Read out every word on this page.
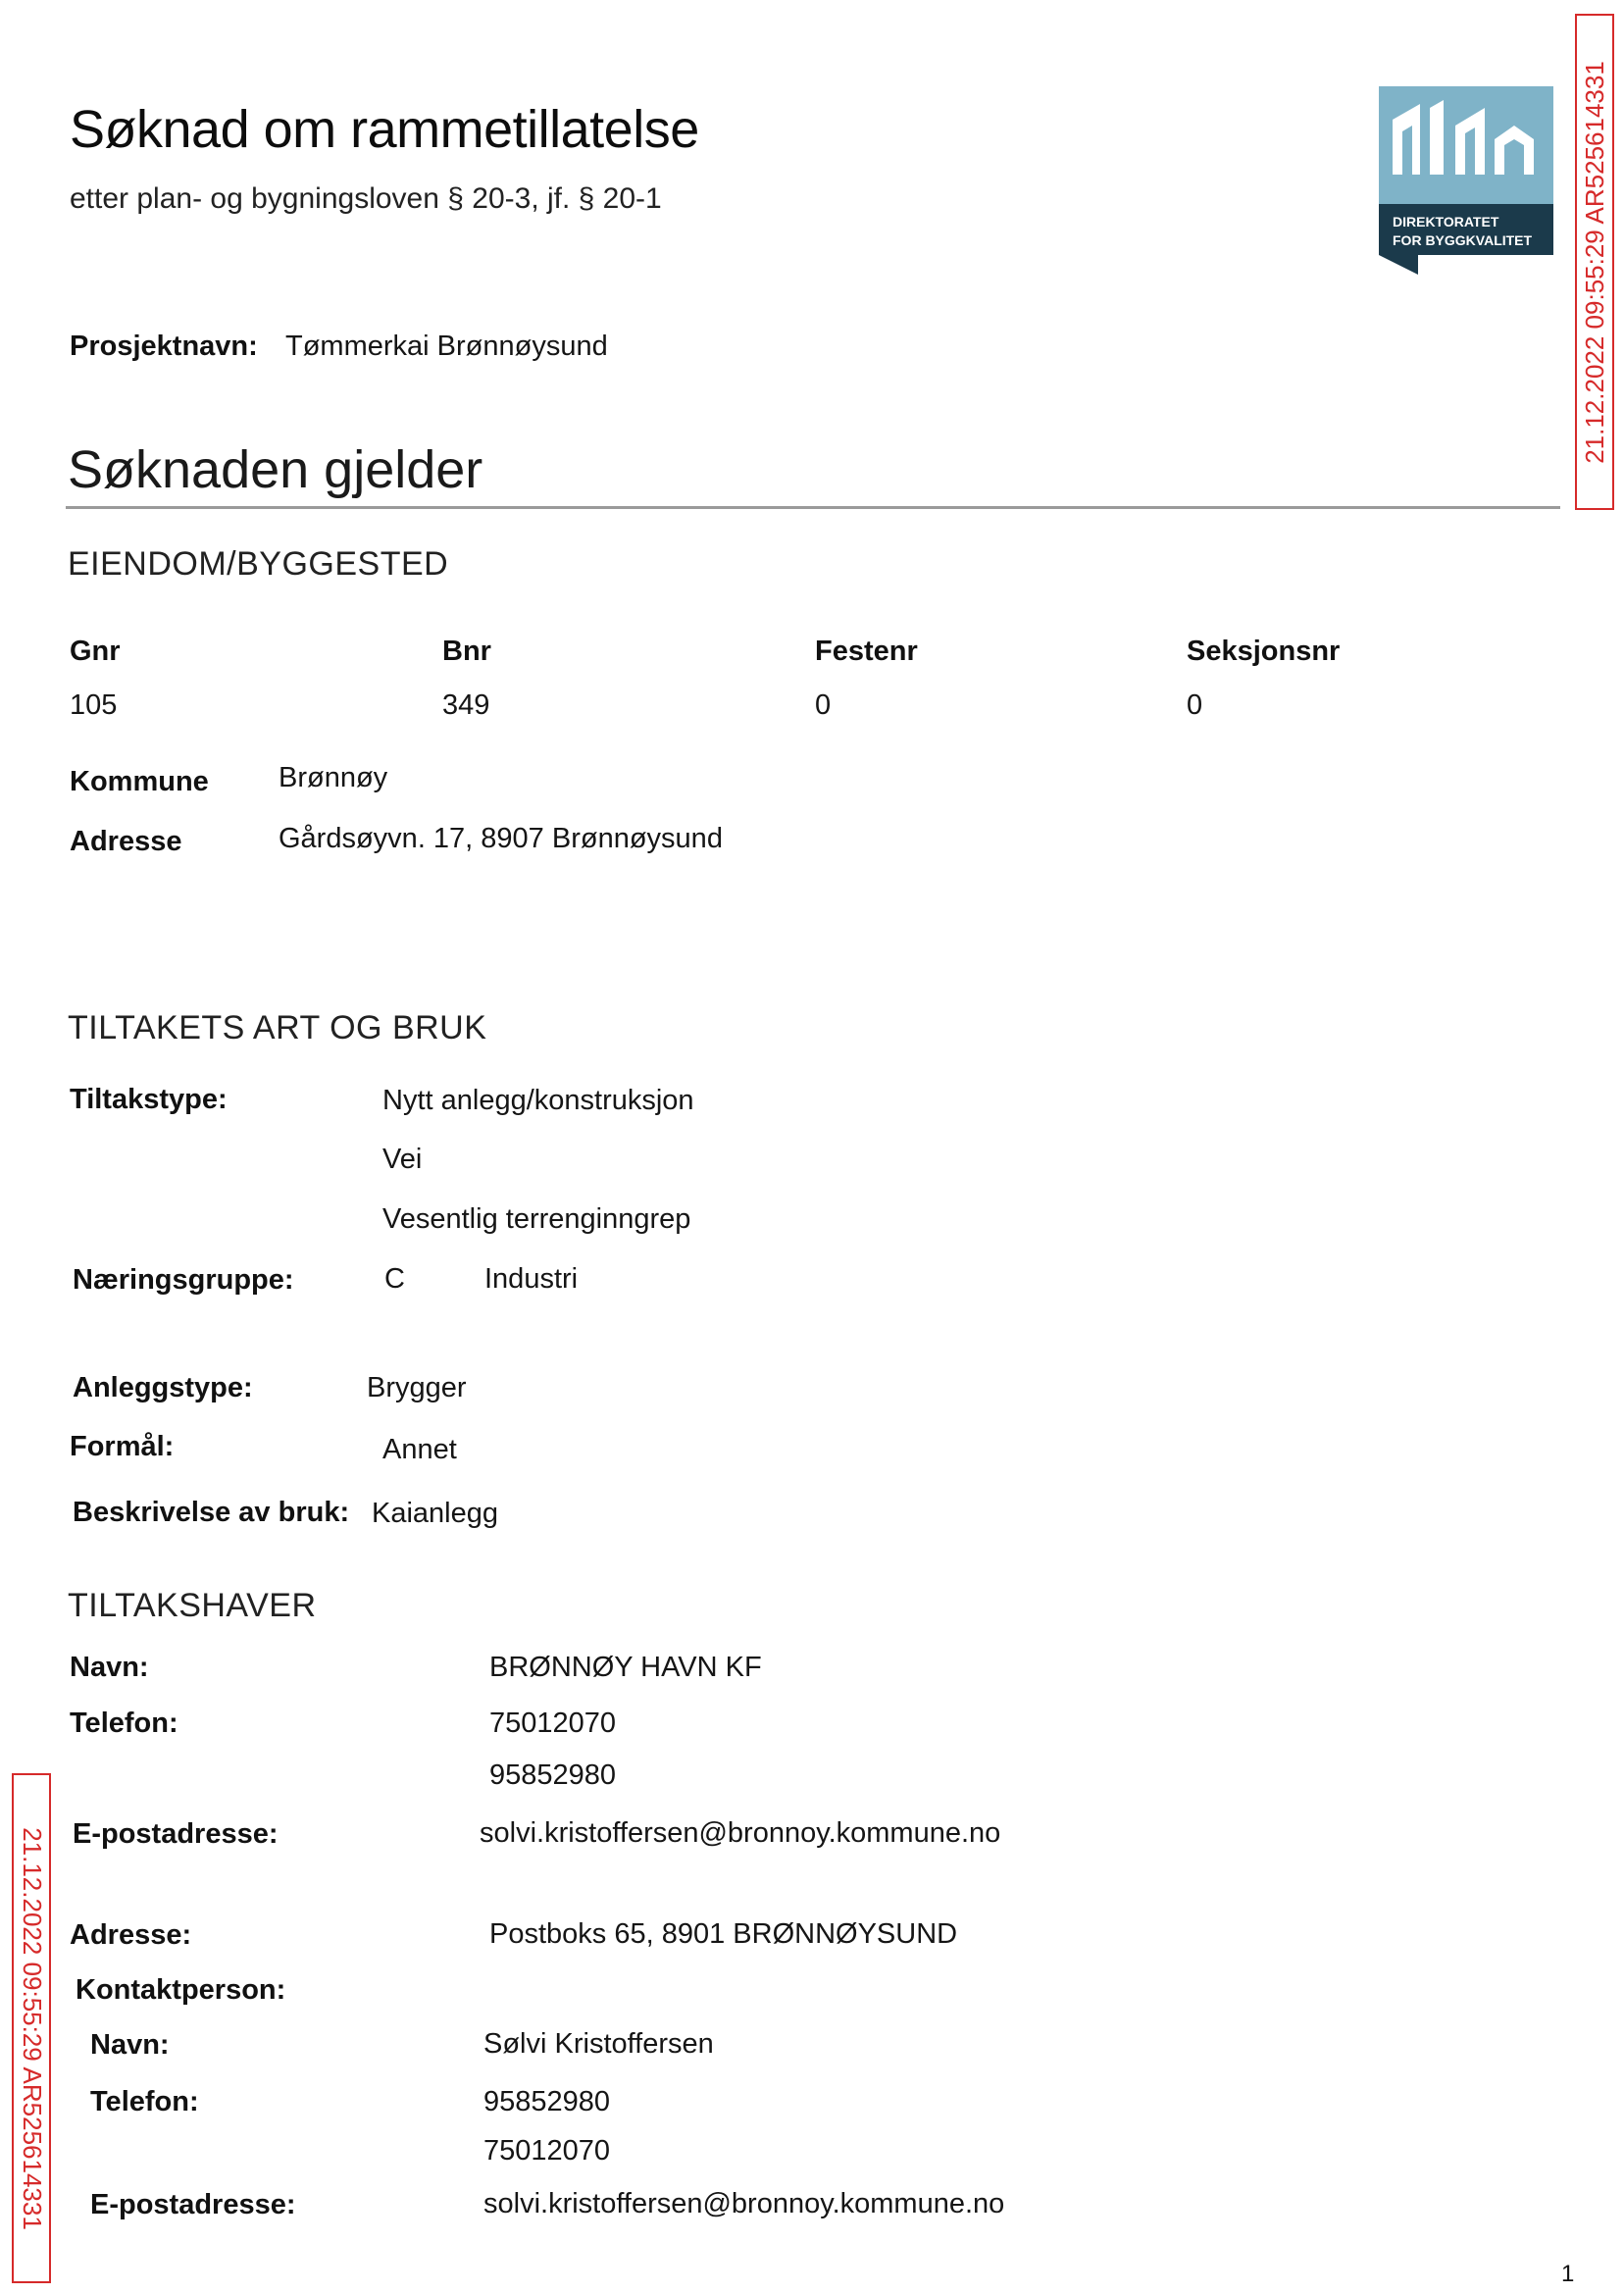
Søknad om rammetillatelse
etter plan- og bygningsloven § 20-3, jf. § 20-1
DIREKTORATET
FOR BYGGKVALITET 21.12.2022 09:55:29 AR525614331
Prosjektnavn: Tømmerkai Brønnøysund
Søknaden gjelder
EIENDOM/BYGGESTED
Gnr	Bnr	Festenr	Seksjonsnr
105	349	0	0
Kommune Brønnøy
Adresse	Gårdsøyvn. 17, 8907 Brønnøysund
TILTAKETS ART OG BRUK
Tiltakstype:	Nytt anlegg/konstruksjon
Vei
Vesentlig terrenginngrep
Næringsgruppe:	C	Industri
Anleggstype:	Brygger
Formål:	Annet
Beskrivelse av bruk: Kaianlegg
TILTAKSHAVER
Navn:	BRØNNØY HAVN KF
Telefon:	75012070
95852980
E-postadresse:	solvi.kristoffersen@bronnoy.kommune.no
Adresse:	Postboks 65, 8901 BRØNNØYSUND
Kontaktperson:
Navn:	Sølvi Kristoffersen
Telefon:	95852980
75012070
E-postadresse:	solvi.kristoffersen@bronnoy.kommune.no
21.12.2022 09:55:29 AR525614331
1
